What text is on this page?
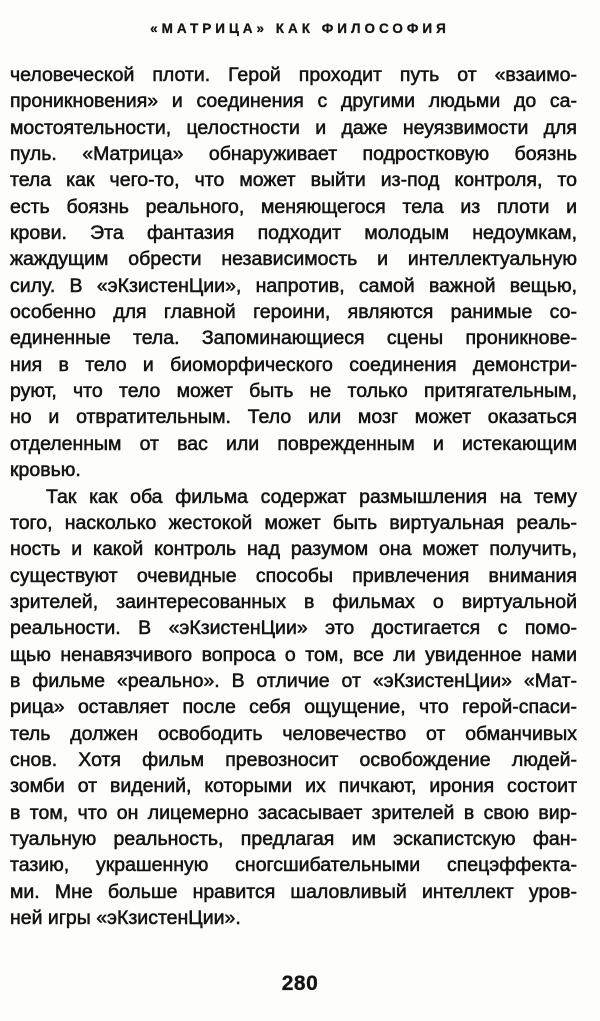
«МАТРИЦА» КАК ФИЛОСОФИЯ
человеческой плоти. Герой проходит путь от «взаимо-
проникновения» и соединения с другими людьми до са-
мостоятельности, целостности и даже неуязвимости для
пуль. «Матрица» обнаруживает подростковую боязнь
тела как чего-то, что может выйти из-под контроля, то
есть боязнь реального, меняющегося тела из плоти и
крови. Эта фантазия подходит молодым недоумкам,
жаждущим обрести независимость и интеллектуальную
силу. В «эКзистенЦии», напротив, самой важной вещью,
особенно для главной героини, являются ранимые со-
единенные тела. Запоминающиеся сцены проникнове-
ния в тело и биоморфического соединения демонстри-
руют, что тело может быть не только притягательным,
но и отвратительным. Тело или мозг может оказаться
отделенным от вас или поврежденным и истекающим
кровью.
Так как оба фильма содержат размышления на тему
того, насколько жестокой может быть виртуальная реаль-
ность и какой контроль над разумом она может получить,
существуют очевидные способы привлечения внимания
зрителей, заинтересованных в фильмах о виртуальной
реальности. В «эКзистенЦии» это достигается с помо-
щью ненавязчивого вопроса о том, все ли увиденное нами
в фильме «реально». В отличие от «эКзистенЦии» «Мат-
рица» оставляет после себя ощущение, что герой-спаси-
тель должен освободить человечество от обманчивых
снов. Хотя фильм превозносит освобождение людей-
зомби от видений, которыми их пичкают, ирония состоит
в том, что он лицемерно засасывает зрителей в свою вир-
туальную реальность, предлагая им эскапистскую фан-
тазию, украшенную сногсшибательными спецэффекта-
ми. Мне больше нравится шаловливый интеллект уров-
ней игры «эКзистенЦии».
280
